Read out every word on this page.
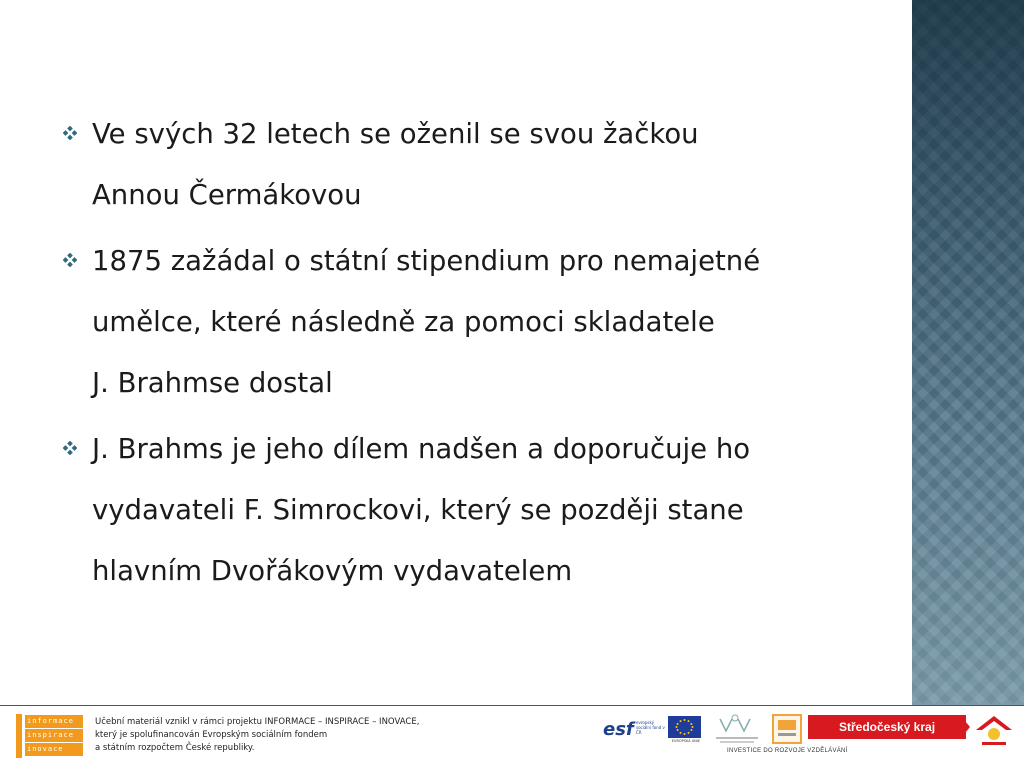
Ve svých 32 letech se oženil se svou žačkou
Annou Čermákovou
1875 zažádal o státní stipendium pro nemajetné
umělce, které následně za pomoci skladatele
J. Brahmse dostal
J. Brahms je jeho dílem nadšen a doporučuje ho
vydavateli F. Simrockovi, který se později stane
hlavním Dvořákovým vydavatelem
informace
inspirace
inovace
Učební materiál vznikl v rámci projektu INFORMACE – INSPIRACE – INOVACE,
který je spolufinancován Evropským sociálním fondem
a státním rozpočtem České republiky.
esf evropský sociální fond v ČR
EVROPSKÁ UNIE
Středočeský kraj
INVESTICE DO ROZVOJE VZDĚLÁVÁNÍ
